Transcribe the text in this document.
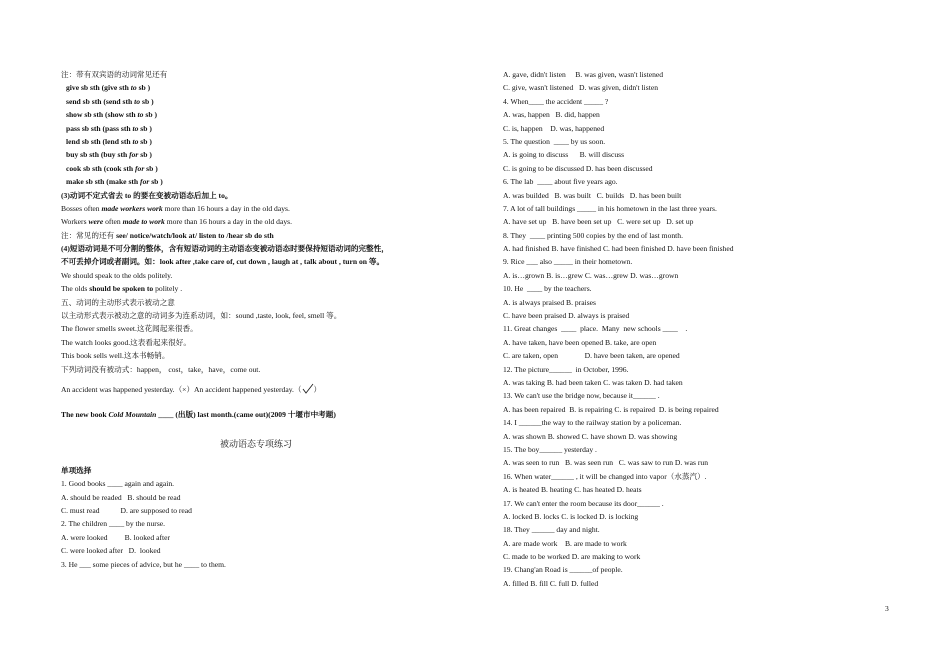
注：带有双宾语的动词常见还有
give sb sth (give sth to sb )
send sb sth (send sth to sb )
show sb sth (show sth to sb )
pass sb sth (pass sth to sb )
lend sb sth (lend sth to sb )
buy sb sth (buy sth for sb )
cook sb sth (cook sth for sb )
make sb sth (make sth for sb )
(3)动词不定式省去 to 的要在变被动语态后加上 to。
Bosses often made workers work more than 16 hours a day in the old days.
Workers were often made to work more than 16 hours a day in the old days.
注：常见的还有 see/ notice/watch/look at/ listen to /hear sb do sth
(4)短语动词是不可分割的整体，含有短语动词的主动语态变被动语态时要保持短语动词的完整性，
不可丢掉介词或者副词。如：look after ,take care of, cut down , laugh at , talk about , turn on 等。
We should speak to the olds politely.
The olds should be spoken to politely .
五、动词的主动形式表示被动之意
以主动形式表示被动之意的动词多为连系动词，如：sound ,taste, look, feel, smell 等。
The flower smells sweet.这花闻起来很香。
The watch looks good.这表看起来很好。
This book sells well.这本书畅销。
下列动词没有被动式：happen， cost，take，have，come out.
An accident was happened yesterday.（×）An accident happened yesterday.（ ）
The new book Cold Mountain ____ (出版) last month.(came out)(2009 十堰市中考题)
被动语态专项练习
单项选择
1. Good books ____ again and again.
A. should be readed   B. should be read
C. must read           D. are supposed to read
2. The children ____ by the nurse.
A. were looked         B. looked after
C. were looked after   D.  looked
3. He ___ some pieces of advice, but he ____ to them.
A. gave, didn't listen     B. was given, wasn't listened
C. give, wasn't listened   D. was given, didn't listen
4. When____ the accident _____ ?
A. was, happen   B. did, happen
C. is, happen    D. was, happened
5. The question  ____ by us soon.
A. is going to discuss      B. will discuss
C. is going to be discussed D. has been discussed
6. The lab  ____ about five years ago.
A. was builded   B. was built   C. builds   D. has been built
7. A lot of tall buildings _____ in his hometown in the last three years.
A. have set up   B. have been set up   C. were set up   D. set up
8. They  ____ printing 500 copies by the end of last month.
A. had finished B. have finished C. had been finished D. have been finished
9. Rice ___ also _____ in their hometown.
A. is…grown B. is…grew C. was…grew D. was…grown
10. He  ____ by the teachers.
A. is always praised B. praises
C. have been praised D. always is praised
11. Great changes  ____  place.  Many  new schools ____    .
A. have taken, have been opened B. take, are open
C. are taken, open              D. have been taken, are opened
12. The picture______  in October, 1996.
A. was taking B. had been taken C. was taken D. had taken
13. We can't use the bridge now, because it______ .
A. has been repaired  B. is repairing C. is repaired  D. is being repaired
14. I ______the way to the railway station by a policeman.
A. was shown B. showed C. have shown D. was showing
15. The boy______ yesterday .
A. was seen to run   B. was seen run   C. was saw to run D. was run
16. When water______ , it will be changed into vapor（水蒸汽）.
A. is heated B. heating C. has heated D. heats
17. We can't enter the room because its door______ .
A. locked B. locks C. is locked D. is locking
18. They ______ day and night.
A. are made work    B. are made to work
C. made to be worked D. are making to work
19. Chang'an Road is ______of people.
A. filled B. fill C. full D. fulled
3
